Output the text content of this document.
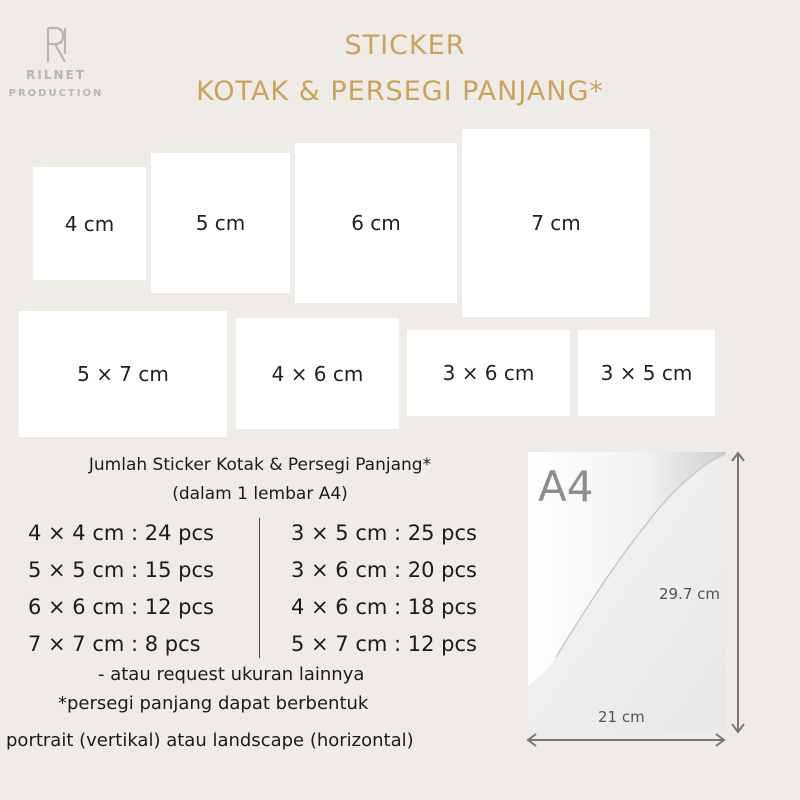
RILNET
PRODUCTION
STICKER
KOTAK & PERSEGI PANJANG*
4 cm	5 cm	6 cm	7 cm
5 × 7 cm	4 × 6 cm	3 × 6 cm	3 × 5 cm
Jumlah Sticker Kotak & Persegi Panjang*
(dalam 1 lembar A4)
4 × 4 cm : 24 pcs
5 × 5 cm : 15 pcs
6 × 6 cm : 12 pcs
7 × 7 cm : 8 pcs
3 × 5 cm : 25 pcs
3 × 6 cm : 20 pcs
4 × 6 cm : 18 pcs
5 × 7 cm : 12 pcs
- atau request ukuran lainnya
*persegi panjang dapat berbentuk
portrait (vertikal) atau landscape (horizontal)
A4
29.7 cm
21 cm
